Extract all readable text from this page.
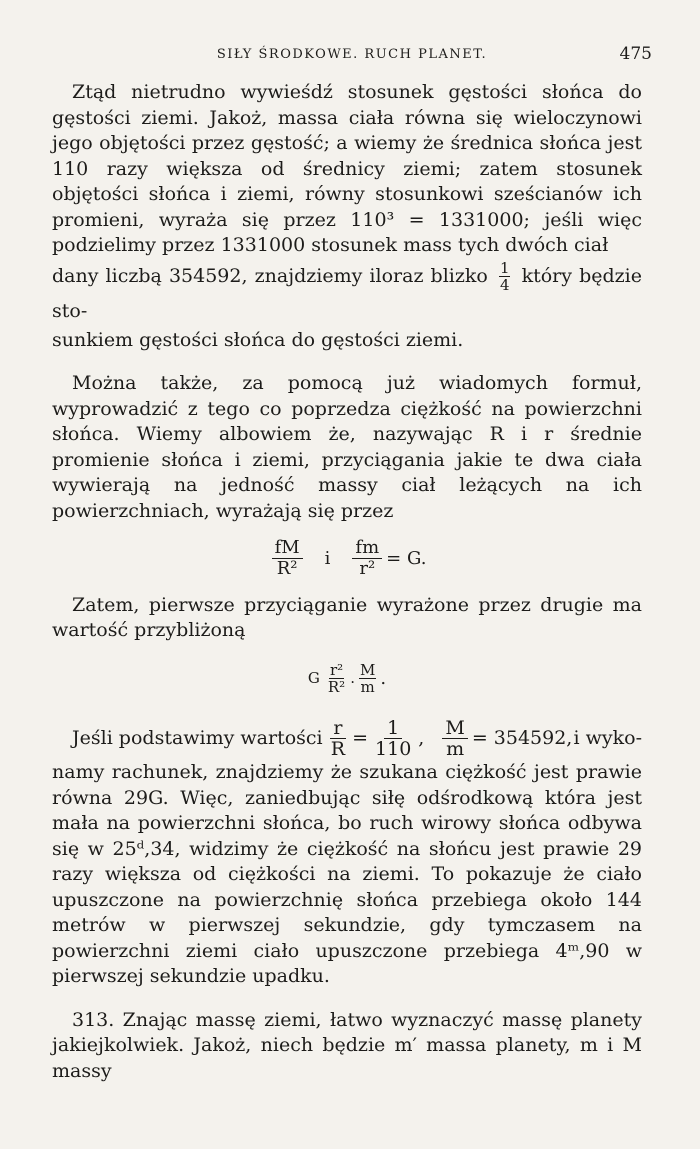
SIŁY ŚRODKOWE. RUCH PLANET.	475

Ztąd nietrudno wywieśdź stosunek gęstości słońca do gęstości ziemi. Jakoż, massa ciała równa się wieloczynowi jego objętości przez gęstość; a wiemy że średnica słońca jest 110 razy większa od średnicy ziemi; zatem stosunek objętości słońca i ziemi, równy stosunkowi sześcianów ich promieni, wyraża się przez 110³ = 1331000; jeśli więc podzielimy przez 1331000 stosunek mass tych dwóch ciał

dany liczbą 354592, znajdziemy iloraz blizko $\frac{1}{4}$ który będzie sto-

sunkiem gęstości słońca do gęstości ziemi.

Można także, za pomocą już wiadomych formuł, wyprowadzić z tego co poprzedza ciężkość na powierzchni słońca. Wiemy albowiem że, nazywając R i r średnie promienie słońca i ziemi, przyciągania jakie te dwa ciała wywierają na jedność massy ciał leżących na ich powierzchniach, wyrażają się przez

$\frac{fM}{\text{R²}}$ i $\frac{fm}{\text{r²}} = G$.

Zatem, pierwsze przyciąganie wyrażone przez drugie ma wartość przybliżoną

G $\frac{\text{r²}}{\text{R²}}$ . $\frac{M}{m}$ .

Jeśli podstawimy wartości $\frac{r}{R} = \frac{1}{110}$ , $\frac{M}{m} = 354592$, i wyko-

namy rachunek, znajdziemy że szukana ciężkość jest prawie równa 29G. Więc, zaniedbując siłę odśrodkową która jest mała na powierzchni słońca, bo ruch wirowy słońca odbywa się w 25ᵈ,34, widzimy że ciężkość na słońcu jest prawie 29 razy większa od ciężkości na ziemi. To pokazuje że ciało upuszczone na powierzchnię słońca przebiega około 144 metrów w pierwszej sekundzie, gdy tymczasem na powierzchni ziemi ciało upuszczone przebiega 4ᵐ,90 w pierwszej sekundzie upadku.

313. Znając massę ziemi, łatwo wyznaczyć massę planety jakiejkolwiek. Jakoż, niech będzie m′ massa planety, m i M massy
